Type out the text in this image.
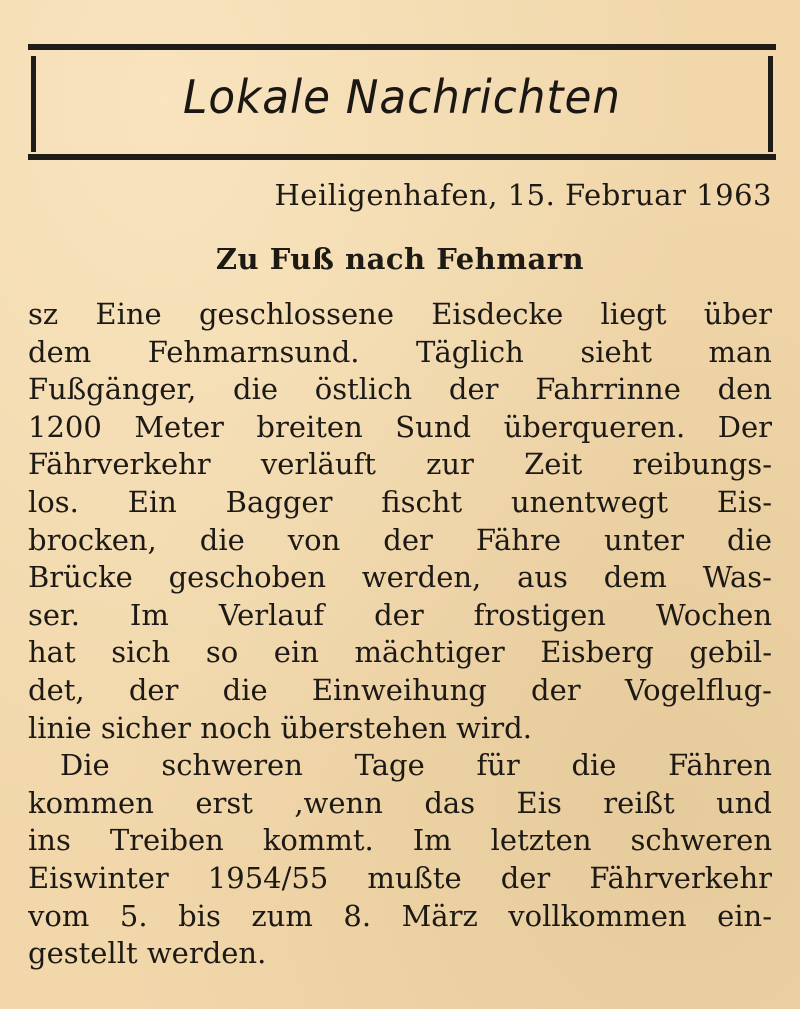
Lokale Nachrichten
Heiligenhafen, 15. Februar 1963
Zu Fuß nach Fehmarn
sz Eine geschlossene Eisdecke liegt über
dem Fehmarnsund. Täglich sieht man
Fußgänger, die östlich der Fahrrinne den
1200 Meter breiten Sund überqueren. Der
Fährverkehr verläuft zur Zeit reibungs-
los. Ein Bagger fischt unentwegt Eis-
brocken, die von der Fähre unter die
Brücke geschoben werden, aus dem Was-
ser. Im Verlauf der frostigen Wochen
hat sich so ein mächtiger Eisberg gebil-
det, der die Einweihung der Vogelflug-
linie sicher noch überstehen wird.
Die schweren Tage für die Fähren
kommen erst ,wenn das Eis reißt und
ins Treiben kommt. Im letzten schweren
Eiswinter 1954/55 mußte der Fährverkehr
vom 5. bis zum 8. März vollkommen ein-
gestellt werden.
